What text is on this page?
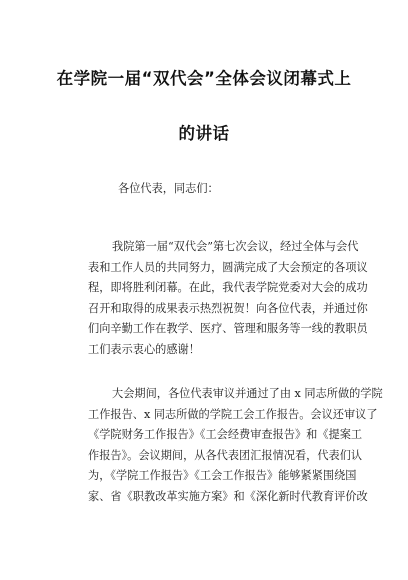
在学院一届“双代会”全体会议闭幕式上
的讲话
各位代表，同志们：
我院第一届“双代会”第七次会议，经过全体与会代
表和工作人员的共同努力，圆满完成了大会预定的各项议
程，即将胜利闭幕。在此，我代表学院党委对大会的成功
召开和取得的成果表示热烈祝贺！向各位代表，并通过你
们向辛勤工作在教学、医疗、管理和服务等一线的教职员
工们表示衷心的感谢！
大会期间，各位代表审议并通过了由 x 同志所做的学院
工作报告、x 同志所做的学院工会工作报告。会议还审议了
《学院财务工作报告》《工会经费审查报告》和《提案工
作报告》。会议期间，从各代表团汇报情况看，代表们认
为，《学院工作报告》《工会工作报告》能够紧紧围绕国
家、省《职教改革实施方案》和《深化新时代教育评价改
